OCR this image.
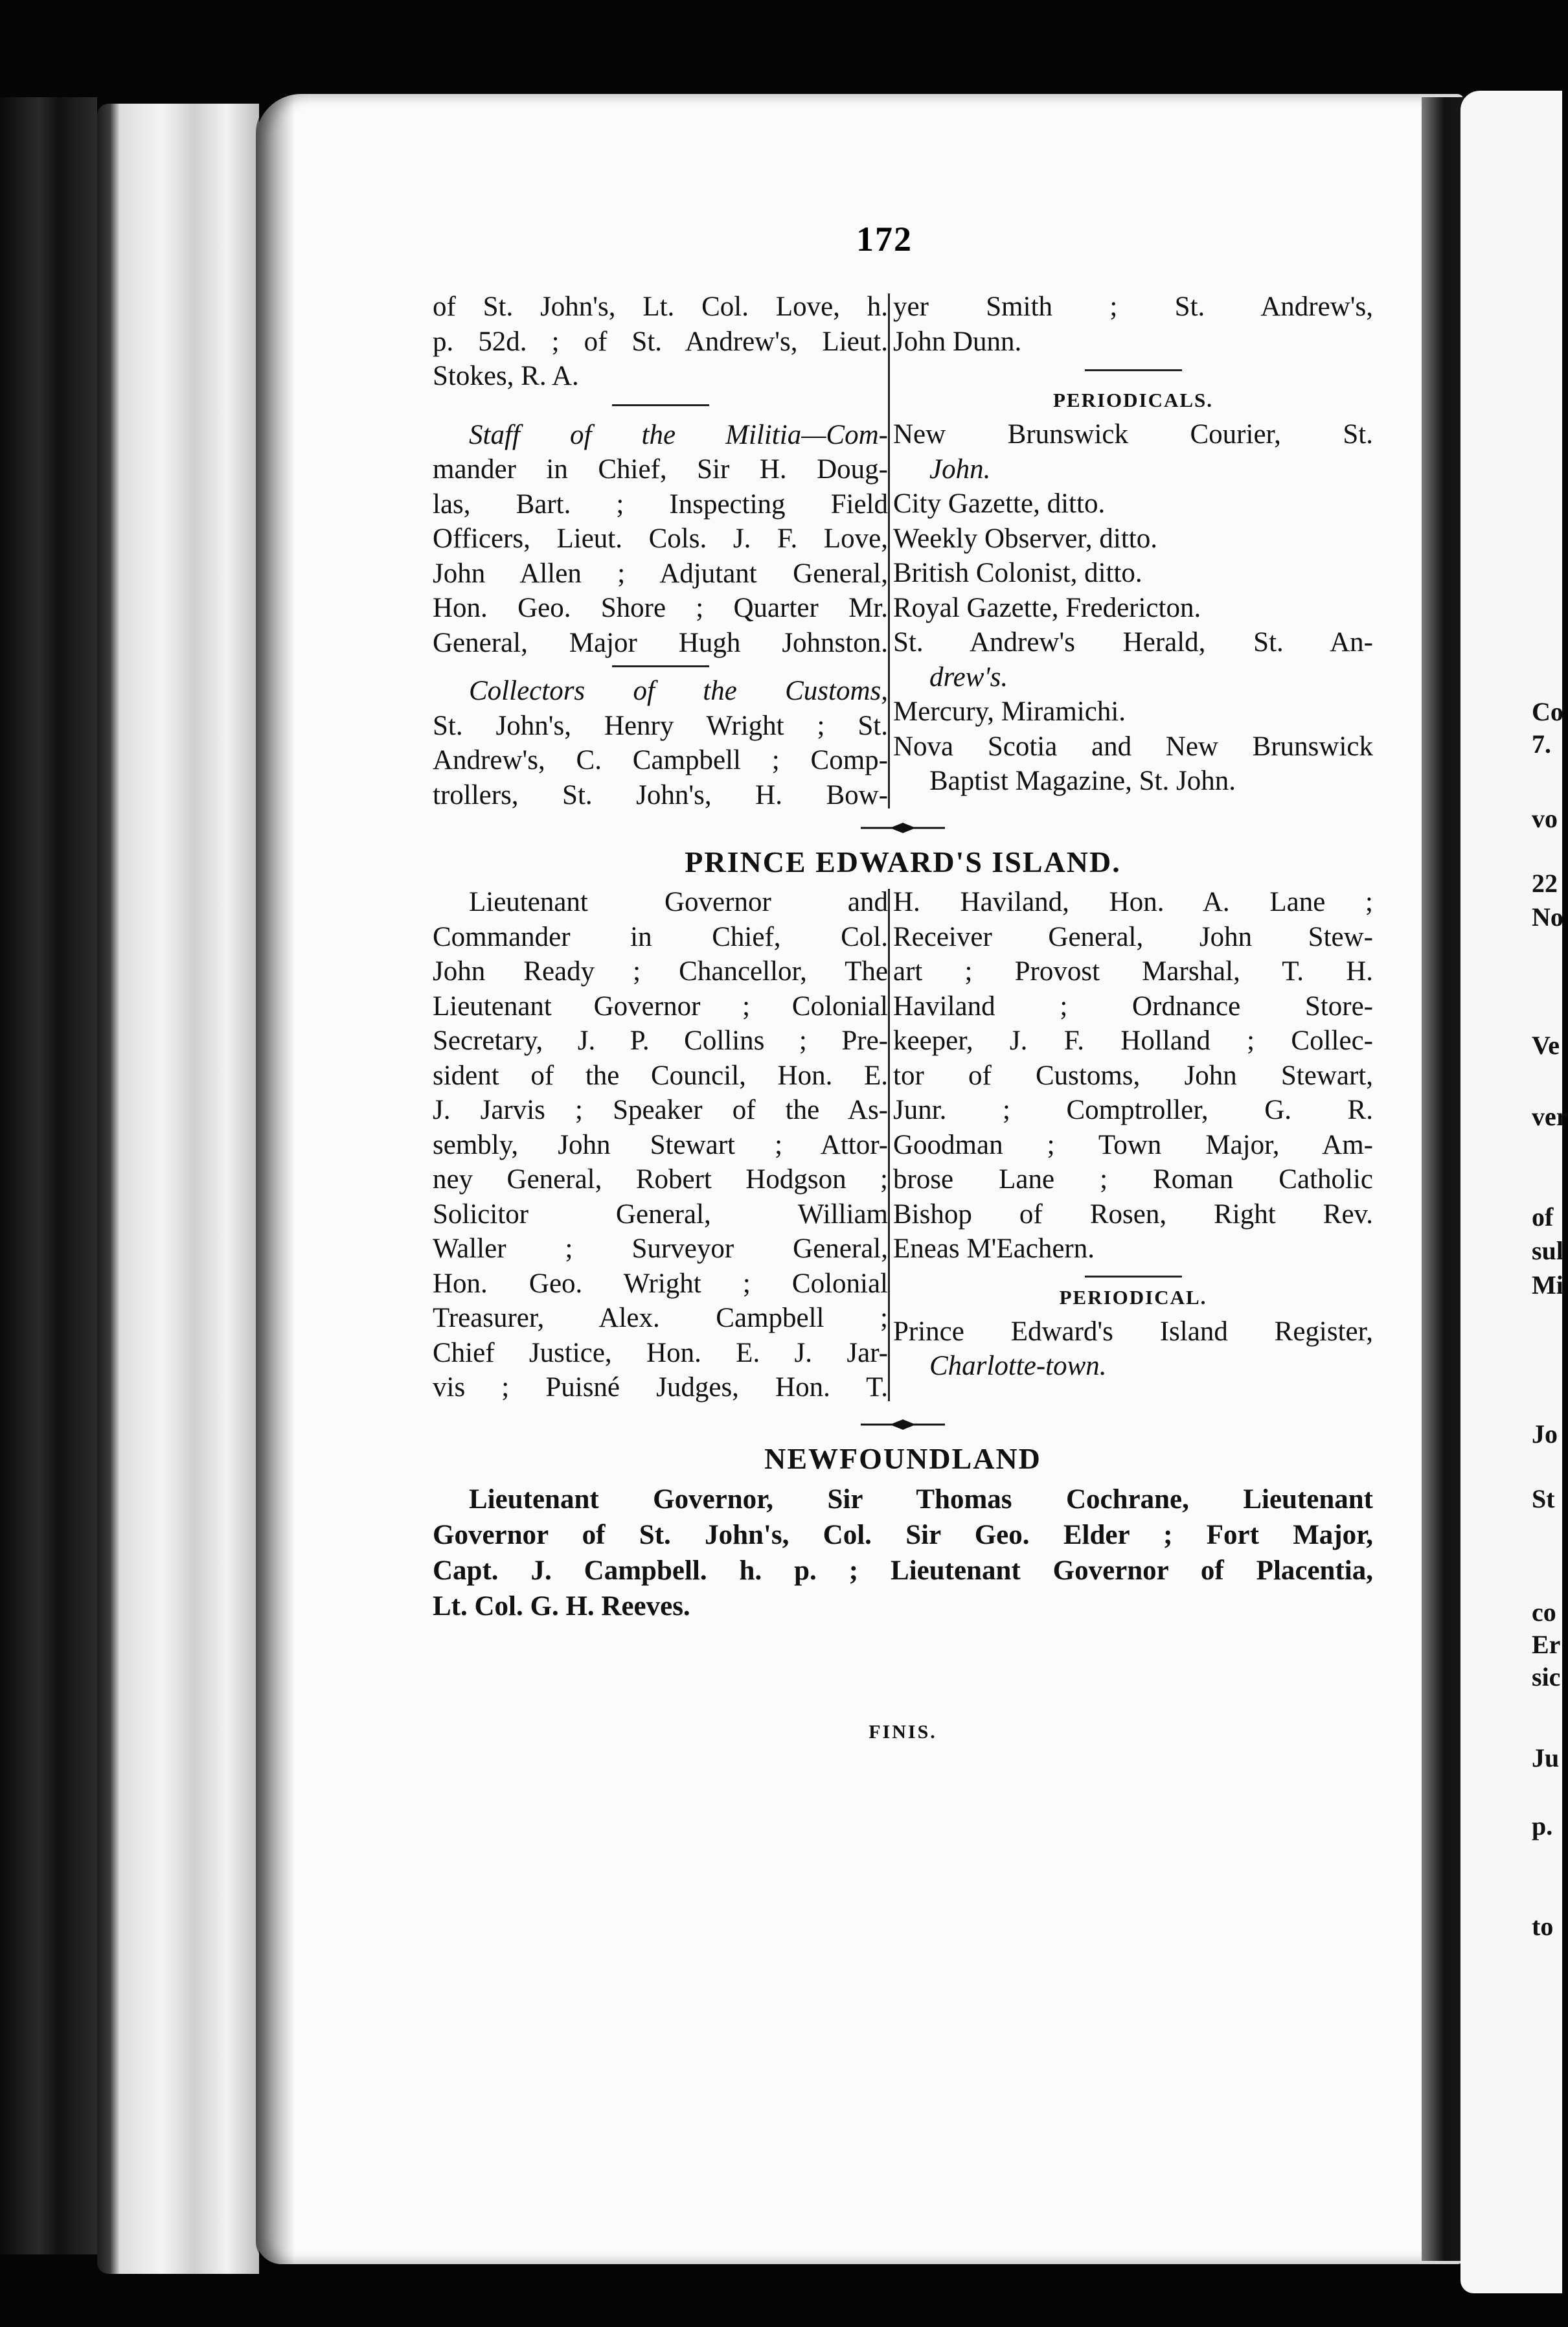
Co
7.
vo
22
No
Ve
ver
of
sul
Mi
Jo
St
co
Er
sic
Ju
p.
to
172
of St. John's, Lt. Col. Love, h.
p. 52d. ; of St. Andrew's, Lieut.
Stokes, R. A.
Staff of the Militia—Com-
mander in Chief, Sir H. Doug-
las, Bart. ; Inspecting Field
Officers, Lieut. Cols. J. F. Love,
John Allen ; Adjutant General,
Hon. Geo. Shore ; Quarter Mr.
General, Major Hugh Johnston.
Collectors of the Customs,
St. John's, Henry Wright ; St.
Andrew's, C. Campbell ; Comp-
trollers, St. John's, H. Bow-
yer Smith ; St. Andrew's,
John Dunn.
PERIODICALS.
New Brunswick Courier, St.
John.
City Gazette, ditto.
Weekly Observer, ditto.
British Colonist, ditto.
Royal Gazette, Fredericton.
St. Andrew's Herald, St. An-
drew's.
Mercury, Miramichi.
Nova Scotia and New Brunswick
Baptist Magazine, St. John.
PRINCE EDWARD'S ISLAND.
Lieutenant Governor and
Commander in Chief, Col.
John Ready ; Chancellor, The
Lieutenant Governor ; Colonial
Secretary, J. P. Collins ; Pre-
sident of the Council, Hon. E.
J. Jarvis ; Speaker of the As-
sembly, John Stewart ; Attor-
ney General, Robert Hodgson ;
Solicitor General, William
Waller ; Surveyor General,
Hon. Geo. Wright ; Colonial
Treasurer, Alex. Campbell ;
Chief Justice, Hon. E. J. Jar-
vis ; Puisné Judges, Hon. T.
H. Haviland, Hon. A. Lane ;
Receiver General, John Stew-
art ; Provost Marshal, T. H.
Haviland ; Ordnance Store-
keeper, J. F. Holland ; Collec-
tor of Customs, John Stewart,
Junr. ; Comptroller, G. R.
Goodman ; Town Major, Am-
brose Lane ; Roman Catholic
Bishop of Rosen, Right Rev.
Eneas M'Eachern.
PERIODICAL.
Prince Edward's Island Register,
Charlotte-town.
NEWFOUNDLAND
Lieutenant Governor, Sir Thomas Cochrane, Lieutenant
Governor of St. John's, Col. Sir Geo. Elder ; Fort Major,
Capt. J. Campbell. h. p. ; Lieutenant Governor of Placentia,
Lt. Col. G. H. Reeves.
FINIS.
